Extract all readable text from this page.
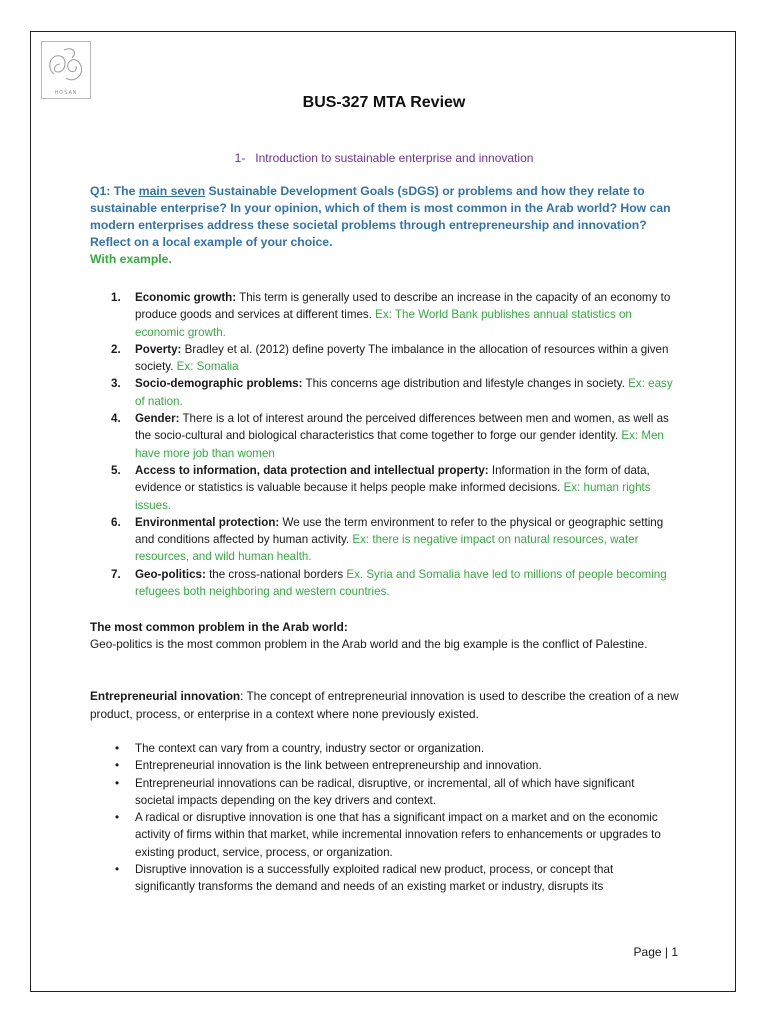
HOSAN
BUS-327 MTA Review
1- Introduction to sustainable enterprise and innovation
Q1: The main seven Sustainable Development Goals (sDGS) or problems and how they relate to sustainable enterprise? In your opinion, which of them is most common in the Arab world? How can modern enterprises address these societal problems through entrepreneurship and innovation? Reflect on a local example of your choice.
With example.
1. Economic growth: This term is generally used to describe an increase in the capacity of an economy to produce goods and services at different times. Ex: The World Bank publishes annual statistics on economic growth.
2. Poverty: Bradley et al. (2012) define poverty The imbalance in the allocation of resources within a given society. Ex: Somalia
3. Socio-demographic problems: This concerns age distribution and lifestyle changes in society. Ex: easy of nation.
4. Gender: There is a lot of interest around the perceived differences between men and women, as well as the socio-cultural and biological characteristics that come together to forge our gender identity. Ex: Men have more job than women
5. Access to information, data protection and intellectual property: Information in the form of data, evidence or statistics is valuable because it helps people make informed decisions. Ex: human rights issues.
6. Environmental protection: We use the term environment to refer to the physical or geographic setting and conditions affected by human activity. Ex: there is negative impact on natural resources, water resources, and wild human health.
7. Geo-politics: the cross-national borders Ex. Syria and Somalia have led to millions of people becoming refugees both neighboring and western countries.
The most common problem in the Arab world:
Geo-politics is the most common problem in the Arab world and the big example is the conflict of Palestine.
Entrepreneurial innovation: The concept of entrepreneurial innovation is used to describe the creation of a new product, process, or enterprise in a context where none previously existed.
• The context can vary from a country, industry sector or organization.
• Entrepreneurial innovation is the link between entrepreneurship and innovation.
• Entrepreneurial innovations can be radical, disruptive, or incremental, all of which have significant societal impacts depending on the key drivers and context.
• A radical or disruptive innovation is one that has a significant impact on a market and on the economic activity of firms within that market, while incremental innovation refers to enhancements or upgrades to existing product, service, process, or organization.
• Disruptive innovation is a successfully exploited radical new product, process, or concept that significantly transforms the demand and needs of an existing market or industry, disrupts its
Page | 1
